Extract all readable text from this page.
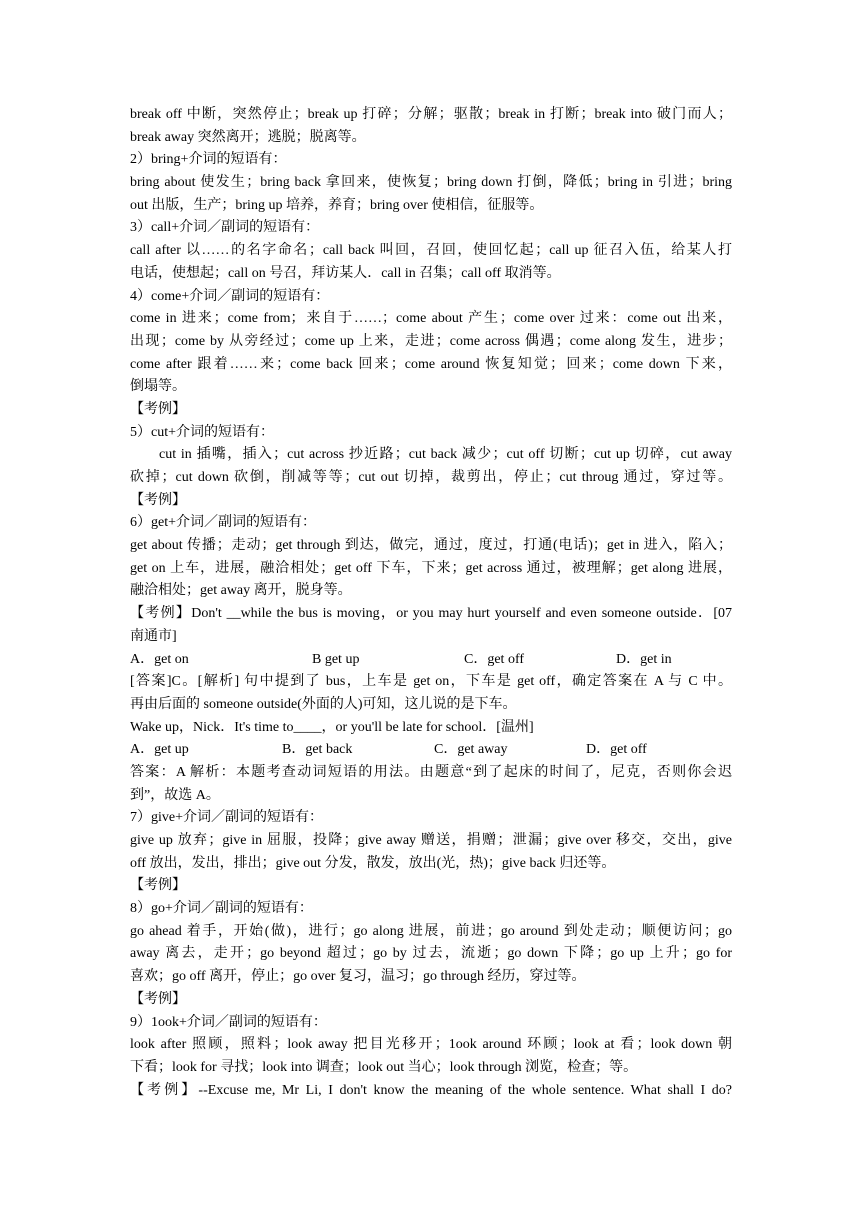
break off 中断，突然停止；break up 打碎；分解；驱散；break in 打断；break into 破门而人；
break away 突然离开；逃脱；脱离等。
2）bring+介词的短语有：
bring about 使发生；bring back 拿回来，使恢复；bring down 打倒，降低；bring in 引进；bring
out 出版，生产；bring up 培养，养育；bring over 使相信，征服等。
3）call+介词／副词的短语有：
call after 以……的名字命名；call back 叫回，召回，使回忆起；call up 征召入伍，给某人打
电话，使想起；call on 号召，拜访某人．call in 召集；call off 取消等。
4）come+介词／副词的短语有：
come in 进来；come from；来自于……；come about 产生；come over 过来：come out 出来，
出现；come by 从旁经过；come up 上来，走进；come across 偶遇；come along 发生，进步；
come after 跟着……来；come back 回来；come around 恢复知觉；回来；come down 下来，
倒塌等。
【考例】
5）cut+介词的短语有：
cut in 插嘴，插入；cut across 抄近路；cut back 减少；cut off 切断；cut up 切碎，cut away
砍掉；cut down 砍倒，削减等等；cut out 切掉，裁剪出，停止；cut throug 通过，穿过等。
【考例】
6）get+介词／副词的短语有：
get about 传播；走动；get through 到达，做完，通过，度过，打通(电话)；get in 进入，陷入；
get on 上车，进展，融洽相处；get off 下车，下来；get across 通过，被理解；get along 进展，
融洽相处；get away 离开，脱身等。
【考例】Don't __while the bus is moving，or you may hurt yourself and even someone outside．[07
南通市]
A．get on	B get up	C．get off	D．get in
[答案]C。[解析] 句中提到了 bus，上车是 get on，下车是 get off，确定答案在 A 与 C 中。
再由后面的 someone outside(外面的人)可知，这儿说的是下车。
Wake up，Nick．It's time to____，or you'll be late for school．[温州]
A．get up	B．get back	C．get away	D．get off
答案：A 解析：本题考查动词短语的用法。由题意“到了起床的时间了，尼克，否则你会迟
到”，故选 A。
7）give+介词／副词的短语有：
give up 放弃；give in 屈服，投降；give away 赠送，捐赠；泄漏；give over 移交，交出，give
off 放出，发出，排出；give out 分发，散发，放出(光，热)；give back 归还等。
【考例】
8）go+介词／副词的短语有：
go ahead 着手，开始(做)，进行；go along 进展，前进；go around 到处走动；顺便访问；go
away 离去，走开；go beyond 超过；go by 过去，流逝；go down 下降；go up 上升；go for
喜欢；go off 离开，停止；go over 复习，温习；go through 经历，穿过等。
【考例】
9）1ook+介词／副词的短语有：
look after 照顾，照料；look away 把目光移开；1ook around 环顾；look at 看；look down 朝
下看；look for 寻找；look into 调查；look out 当心；look through 浏览，检查；等。
【考例】--Excuse me, Mr Li, I don't know the meaning of the whole sentence. What shall I do?
